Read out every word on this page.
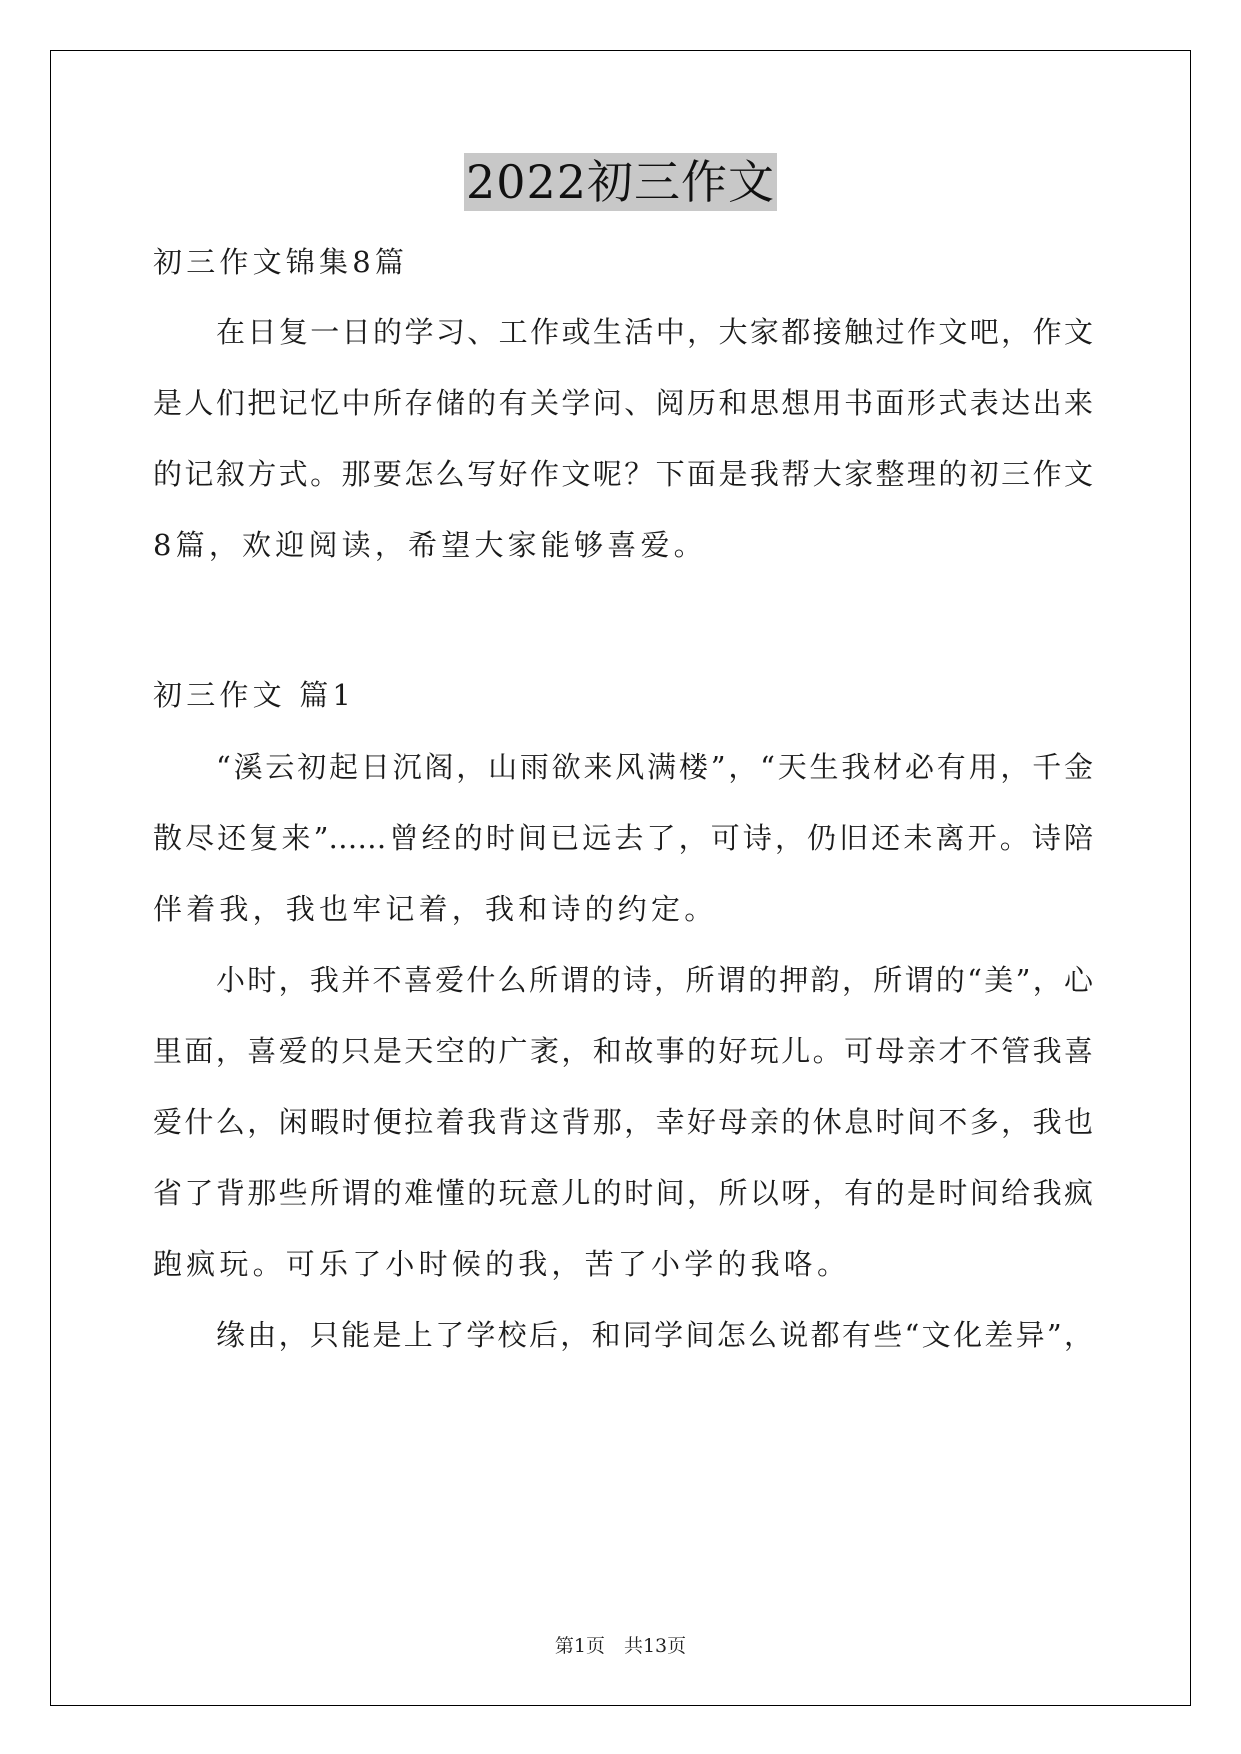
2022初三作文
初三作文锦集8篇
在日复一日的学习、工作或生活中，大家都接触过作文吧，作文
是人们把记忆中所存储的有关学问、阅历和思想用书面形式表达出来
的记叙方式。那要怎么写好作文呢？下面是我帮大家整理的初三作文
8篇，欢迎阅读，希望大家能够喜爱。
初三作文 篇1
“溪云初起日沉阁，山雨欲来风满楼”，“天生我材必有用，千金
散尽还复来”……曾经的时间已远去了，可诗，仍旧还未离开。诗陪
伴着我，我也牢记着，我和诗的约定。
小时，我并不喜爱什么所谓的诗，所谓的押韵，所谓的“美”，心
里面，喜爱的只是天空的广袤，和故事的好玩儿。可母亲才不管我喜
爱什么，闲暇时便拉着我背这背那，幸好母亲的休息时间不多，我也
省了背那些所谓的难懂的玩意儿的时间，所以呀，有的是时间给我疯
跑疯玩。可乐了小时候的我，苦了小学的我咯。
缘由，只能是上了学校后，和同学间怎么说都有些“文化差异”，
第1页　共13页
